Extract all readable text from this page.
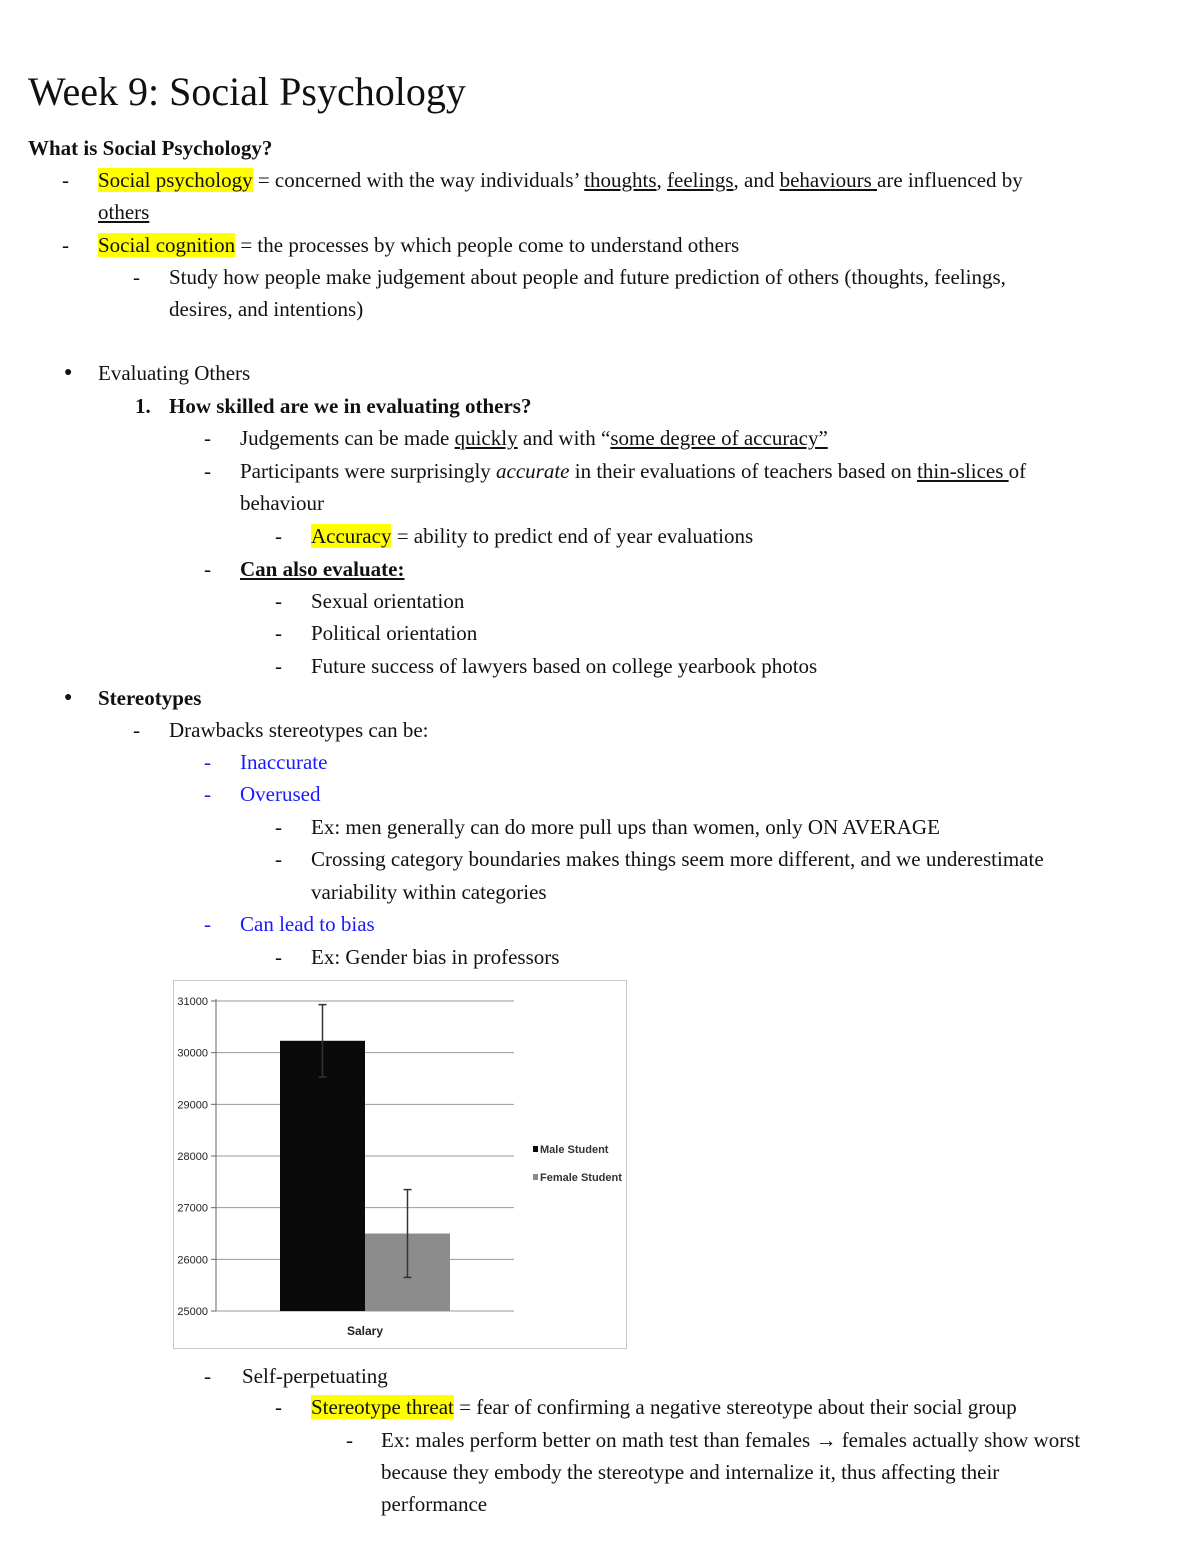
Week 9: Social Psychology
What is Social Psychology?
- Social psychology = concerned with the way individuals’ thoughts, feelings, and behaviours are influenced by
others
- Social cognition = the processes by which people come to understand others
- Study how people make judgement about people and future prediction of others (thoughts, feelings,
desires, and intentions)
● Evaluating Others
1. How skilled are we in evaluating others?
- Judgements can be made quickly and with “some degree of accuracy”
- Participants were surprisingly accurate in their evaluations of teachers based on thin-slices of
behaviour
- Accuracy = ability to predict end of year evaluations
- Can also evaluate:
- Sexual orientation
- Political orientation
- Future success of lawyers based on college yearbook photos
● Stereotypes
- Drawbacks stereotypes can be:
- Inaccurate
- Overused
- Ex: men generally can do more pull ups than women, only ON AVERAGE
- Crossing category boundaries makes things seem more different, and we underestimate
variability within categories
- Can lead to bias
- Ex: Gender bias in professors
31000
30000
29000
28000
27000
26000
25000
Salary
Male Student
Female Student
- Self-perpetuating
- Stereotype threat = fear of confirming a negative stereotype about their social group
- Ex: males perform better on math test than females → females actually show worst
because they embody the stereotype and internalize it, thus affecting their
performance
